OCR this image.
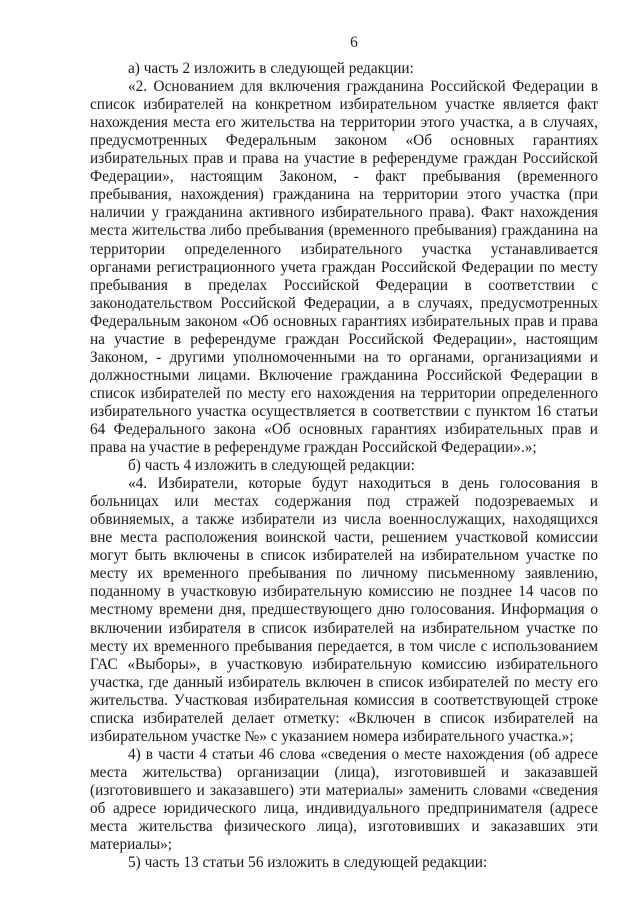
6

а) часть 2 изложить в следующей редакции:

«2. Основанием для включения гражданина Российской Федерации в список избирателей на конкретном избирательном участке является факт нахождения места его жительства на территории этого участка, а в случаях, предусмотренных Федеральным законом «Об основных гарантиях избирательных прав и права на участие в референдуме граждан Российской Федерации», настоящим Законом, - факт пребывания (временного пребывания, нахождения) гражданина на территории этого участка (при наличии у гражданина активного избирательного права). Факт нахождения места жительства либо пребывания (временного пребывания) гражданина на территории определенного избирательного участка устанавливается органами регистрационного учета граждан Российской Федерации по месту пребывания в пределах Российской Федерации в соответствии с законодательством Российской Федерации, а в случаях, предусмотренных Федеральным законом «Об основных гарантиях избирательных прав и права на участие в референдуме граждан Российской Федерации», настоящим Законом, - другими уполномоченными на то органами, организациями и должностными лицами. Включение гражданина Российской Федерации в список избирателей по месту его нахождения на территории определенного избирательного участка осуществляется в соответствии с пунктом 16 статьи 64 Федерального закона «Об основных гарантиях избирательных прав и права на участие в референдуме граждан Российской Федерации».»;

б) часть 4 изложить в следующей редакции:

«4. Избиратели, которые будут находиться в день голосования в больницах или местах содержания под стражей подозреваемых и обвиняемых, а также избиратели из числа военнослужащих, находящихся вне места расположения воинской части, решением участковой комиссии могут быть включены в список избирателей на избирательном участке по месту их временного пребывания по личному письменному заявлению, поданному в участковую избирательную комиссию не позднее 14 часов по местному времени дня, предшествующего дню голосования. Информация о включении избирателя в список избирателей на избирательном участке по месту их временного пребывания передается, в том числе с использованием ГАС «Выборы», в участковую избирательную комиссию избирательного участка, где данный избиратель включен в список избирателей по месту его жительства. Участковая избирательная комиссия в соответствующей строке списка избирателей делает отметку: «Включен в список избирателей на избирательном участке №» с указанием номера избирательного участка.»;

4) в части 4 статьи 46 слова «сведения о месте нахождения (об адресе места жительства) организации (лица), изготовившей и заказавшей (изготовившего и заказавшего) эти материалы» заменить словами «сведения об адресе юридического лица, индивидуального предпринимателя (адресе места жительства физического лица), изготовивших и заказавших эти материалы»;

5) часть 13 статьи 56 изложить в следующей редакции:
